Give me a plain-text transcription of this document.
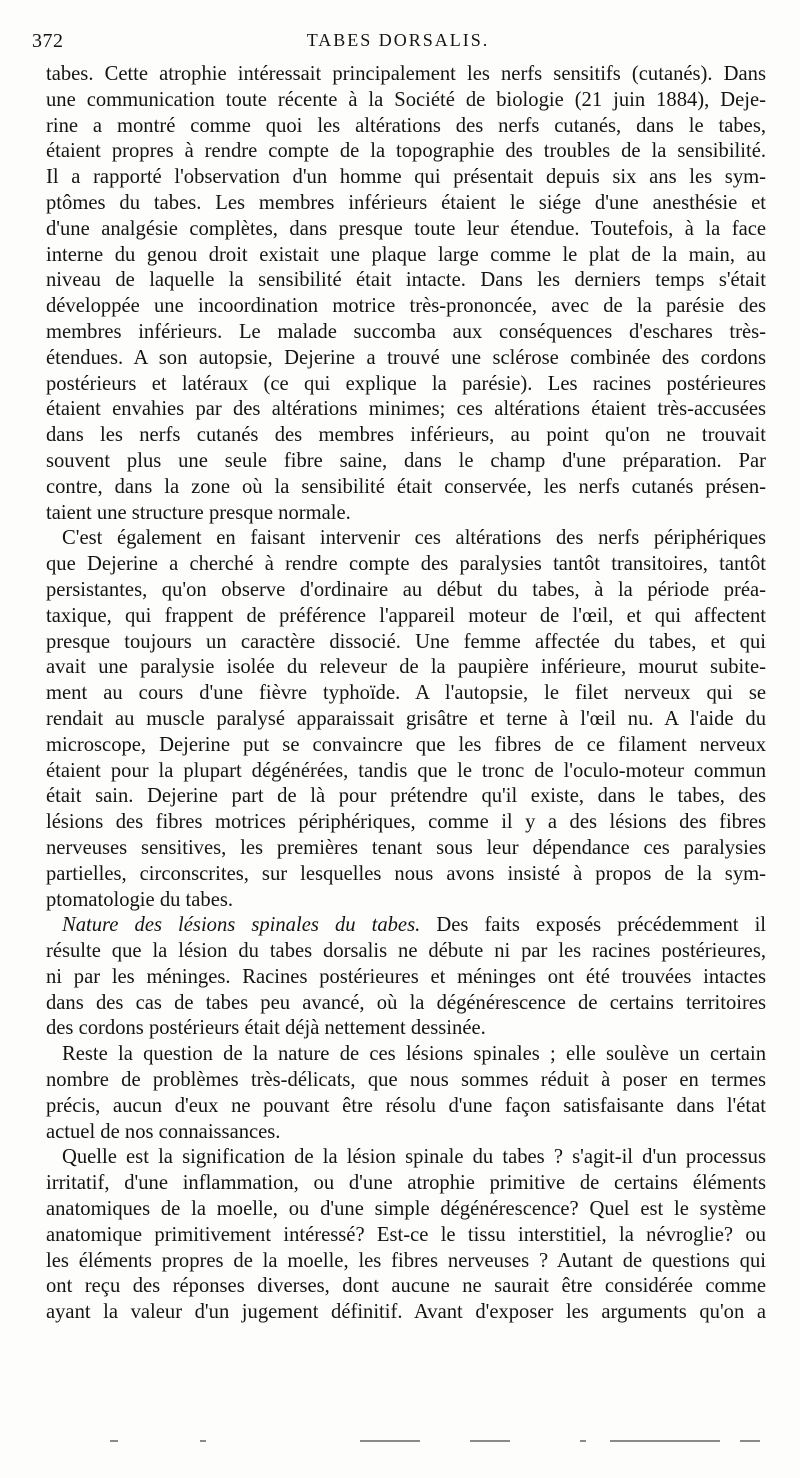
372	TABES DORSALIS.
tabes. Cette atrophie intéressait principalement les nerfs sensitifs (cutanés). Dans
une communication toute récente à la Société de biologie (21 juin 1884), Deje-
rine a montré comme quoi les altérations des nerfs cutanés, dans le tabes,
étaient propres à rendre compte de la topographie des troubles de la sensibilité.
Il a rapporté l'observation d'un homme qui présentait depuis six ans les sym-
ptômes du tabes. Les membres inférieurs étaient le siége d'une anesthésie et
d'une analgésie complètes, dans presque toute leur étendue. Toutefois, à la face
interne du genou droit existait une plaque large comme le plat de la main, au
niveau de laquelle la sensibilité était intacte. Dans les derniers temps s'était
développée une incoordination motrice très-prononcée, avec de la parésie des
membres inférieurs. Le malade succomba aux conséquences d'eschares très-
étendues. A son autopsie, Dejerine a trouvé une sclérose combinée des cordons
postérieurs et latéraux (ce qui explique la parésie). Les racines postérieures
étaient envahies par des altérations minimes; ces altérations étaient très-accusées
dans les nerfs cutanés des membres inférieurs, au point qu'on ne trouvait
souvent plus une seule fibre saine, dans le champ d'une préparation. Par
contre, dans la zone où la sensibilité était conservée, les nerfs cutanés présen-
taient une structure presque normale.
C'est également en faisant intervenir ces altérations des nerfs périphériques
que Dejerine a cherché à rendre compte des paralysies tantôt transitoires, tantôt
persistantes, qu'on observe d'ordinaire au début du tabes, à la période préa-
taxique, qui frappent de préférence l'appareil moteur de l'œil, et qui affectent
presque toujours un caractère dissocié. Une femme affectée du tabes, et qui
avait une paralysie isolée du releveur de la paupière inférieure, mourut subite-
ment au cours d'une fièvre typhoïde. A l'autopsie, le filet nerveux qui se
rendait au muscle paralysé apparaissait grisâtre et terne à l'œil nu. A l'aide du
microscope, Dejerine put se convaincre que les fibres de ce filament nerveux
étaient pour la plupart dégénérées, tandis que le tronc de l'oculo-moteur commun
était sain. Dejerine part de là pour prétendre qu'il existe, dans le tabes, des
lésions des fibres motrices périphériques, comme il y a des lésions des fibres
nerveuses sensitives, les premières tenant sous leur dépendance ces paralysies
partielles, circonscrites, sur lesquelles nous avons insisté à propos de la sym-
ptomatologie du tabes.
Nature des lésions spinales du tabes. Des faits exposés précédemment il
résulte que la lésion du tabes dorsalis ne débute ni par les racines postérieures,
ni par les méninges. Racines postérieures et méninges ont été trouvées intactes
dans des cas de tabes peu avancé, où la dégénérescence de certains territoires
des cordons postérieurs était déjà nettement dessinée.
Reste la question de la nature de ces lésions spinales ; elle soulève un certain
nombre de problèmes très-délicats, que nous sommes réduit à poser en termes
précis, aucun d'eux ne pouvant être résolu d'une façon satisfaisante dans l'état
actuel de nos connaissances.
Quelle est la signification de la lésion spinale du tabes ? s'agit-il d'un processus
irritatif, d'une inflammation, ou d'une atrophie primitive de certains éléments
anatomiques de la moelle, ou d'une simple dégénérescence? Quel est le système
anatomique primitivement intéressé? Est-ce le tissu interstitiel, la névroglie? ou
les éléments propres de la moelle, les fibres nerveuses ? Autant de questions qui
ont reçu des réponses diverses, dont aucune ne saurait être considérée comme
ayant la valeur d'un jugement définitif. Avant d'exposer les arguments qu'on a
